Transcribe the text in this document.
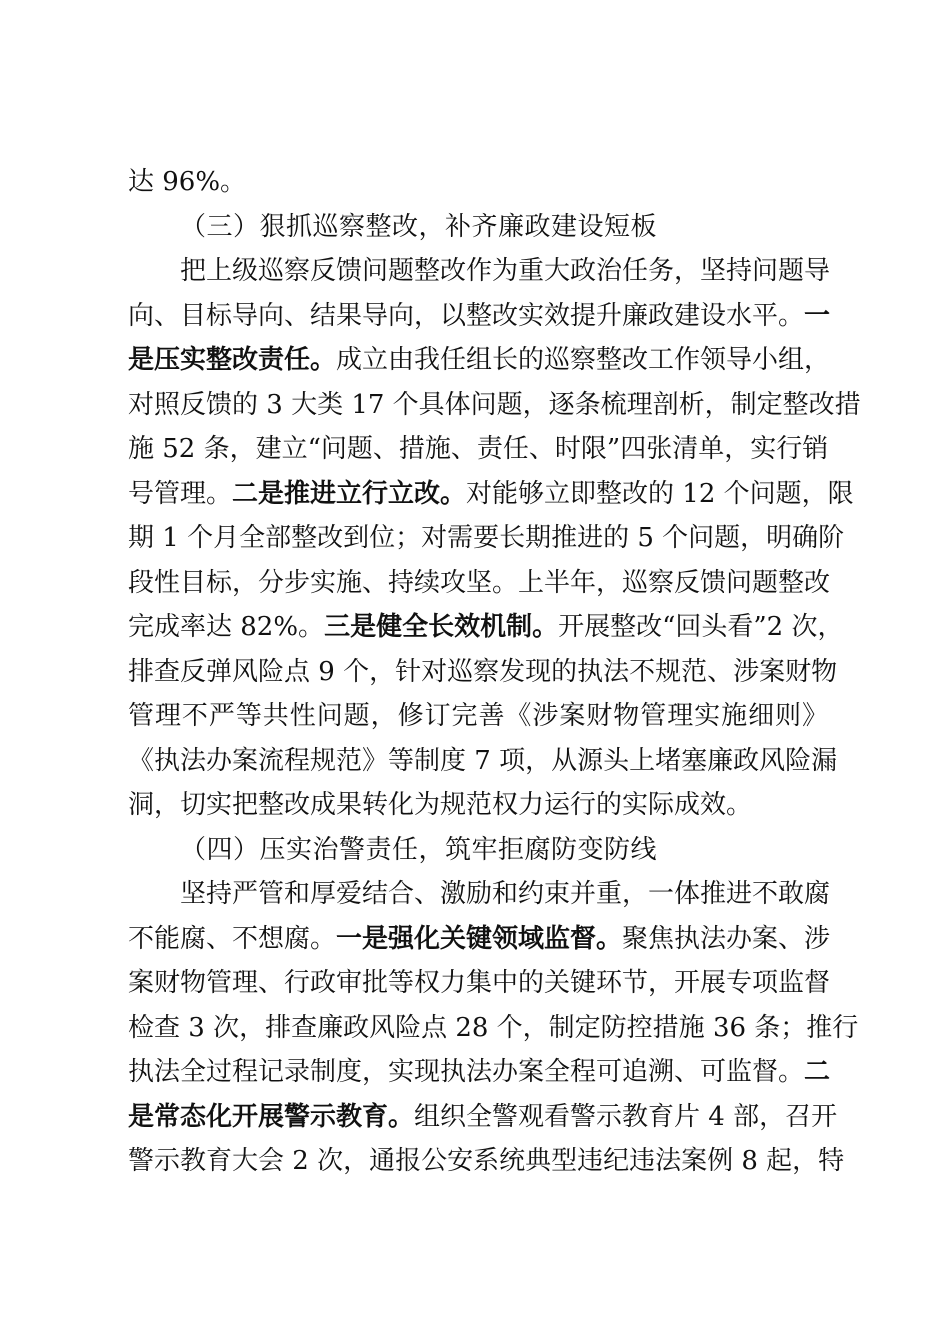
达 96%。
（三）狠抓巡察整改，补齐廉政建设短板
把上级巡察反馈问题整改作为重大政治任务，坚持问题导
向、目标导向、结果导向，以整改实效提升廉政建设水平。一
是压实整改责任。成立由我任组长的巡察整改工作领导小组，
对照反馈的 3 大类 17 个具体问题，逐条梳理剖析，制定整改措
施 52 条，建立“问题、措施、责任、时限”四张清单，实行销
号管理。二是推进立行立改。对能够立即整改的 12 个问题，限
期 1 个月全部整改到位；对需要长期推进的 5 个问题，明确阶
段性目标，分步实施、持续攻坚。上半年，巡察反馈问题整改
完成率达 82%。三是健全长效机制。开展整改“回头看”2 次，
排查反弹风险点 9 个，针对巡察发现的执法不规范、涉案财物
管理不严等共性问题，修订完善《涉案财物管理实施细则》
《执法办案流程规范》等制度 7 项，从源头上堵塞廉政风险漏
洞，切实把整改成果转化为规范权力运行的实际成效。
（四）压实治警责任，筑牢拒腐防变防线
坚持严管和厚爱结合、激励和约束并重，一体推进不敢腐
不能腐、不想腐。一是强化关键领域监督。聚焦执法办案、涉
案财物管理、行政审批等权力集中的关键环节，开展专项监督
检查 3 次，排查廉政风险点 28 个，制定防控措施 36 条；推行
执法全过程记录制度，实现执法办案全程可追溯、可监督。二
是常态化开展警示教育。组织全警观看警示教育片 4 部，召开
警示教育大会 2 次，通报公安系统典型违纪违法案例 8 起，特
